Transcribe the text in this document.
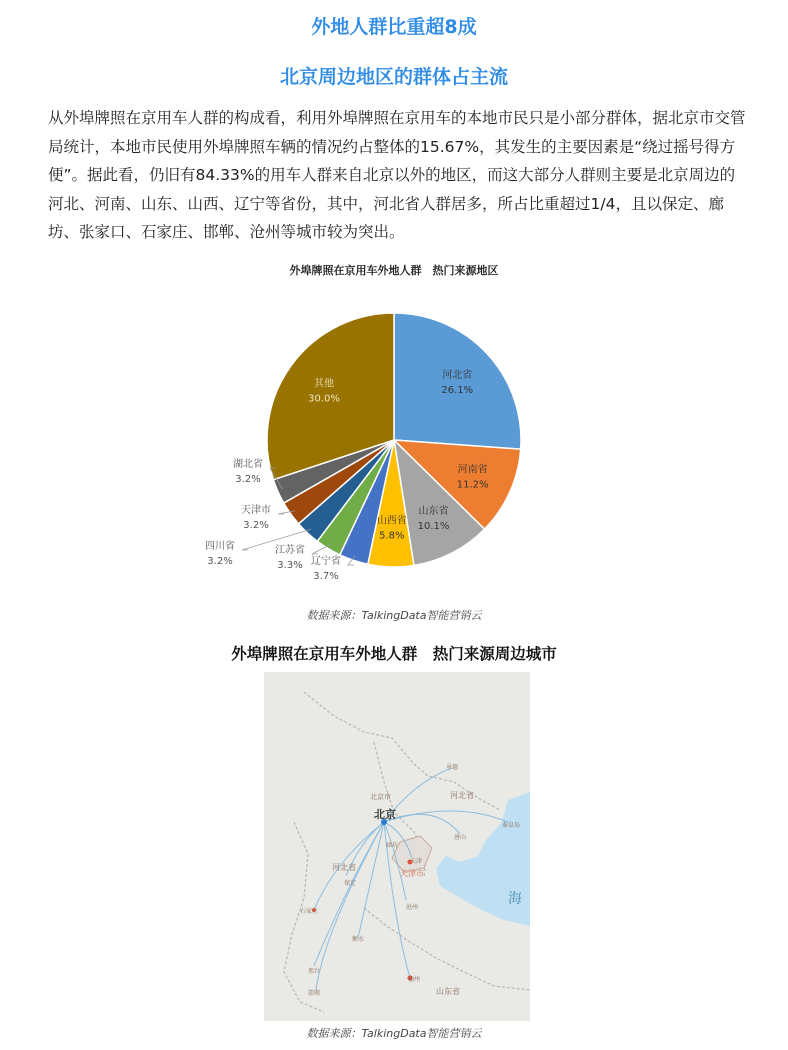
外地人群比重超8成
北京周边地区的群体占主流

从外埠牌照在京用车人群的构成看，利用外埠牌照在京用车的本地市民只是小部分群体，据北京市交管局统计，本地市民使用外埠牌照车辆的情况约占整体的15.67%，其发生的主要因素是“绕过摇号得方便”。据此看，仍旧有84.33%的用车人群来自北京以外的地区，而这大部分人群则主要是北京周边的河北、河南、山东、山西、辽宁等省份，其中，河北省人群居多，所占比重超过1/4，且以保定、廊坊、张家口、石家庄、邯郸、沧州等城市较为突出。

外埠牌照在京用车外地人群　热门来源地区
河北省
26.1%
河南省
11.2%
山东省
10.1%
山西省
5.8%
辽宁省
3.7%
江苏省
3.3%
四川省
3.2%
天津市
3.2%
湖北省
3.2%
其他
30.0%
数据来源：TalkingData智能营销云
外埠牌照在京用车外地人群　热门来源周边城市
北京市
北京
河北省
承德
唐山
秦皇岛
廊坊
天津
天津市
河北省
保定
沧州
石家庄
衡水
邢台
邯郸
德州
山东省
海
数据来源：TalkingData智能营销云
